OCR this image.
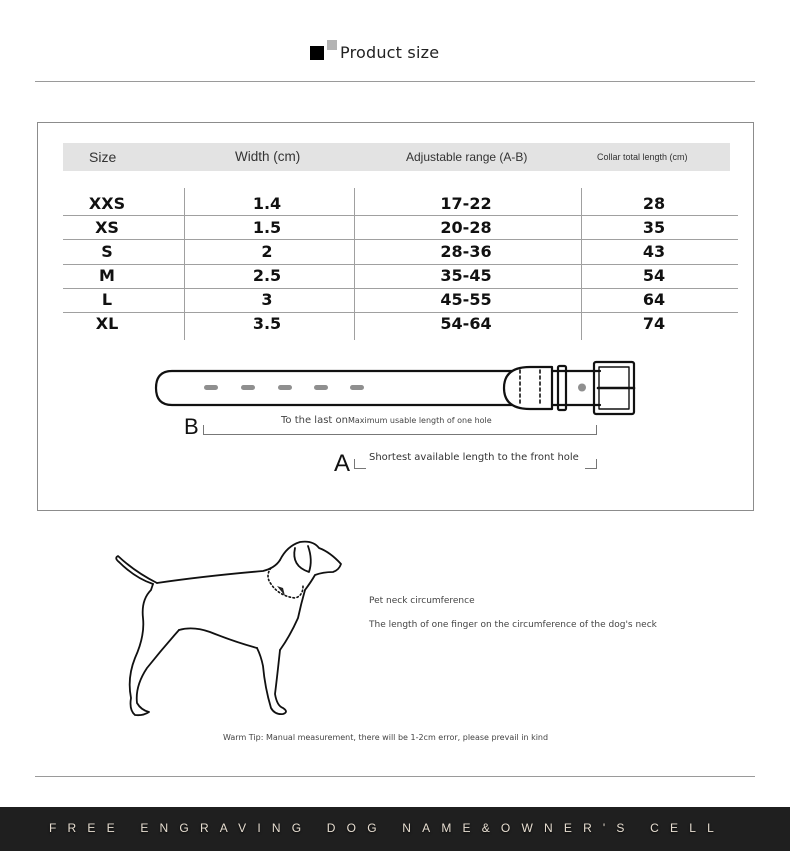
Product size
Size	Width (cm)	Adjustable range (A-B)	Collar total length (cm)
XXS	1.4	17-22	28
XS	1.5	20-28	35
S	2	28-36	43
M	2.5	35-45	54
L	3	45-55	64
XL	3.5	54-64	74
B	To the last onMaximum usable length of one hole
A Shortest available length to the front hole
Pet neck circumference
The length of one finger on the circumference of the dog's neck
Warm Tip: Manual measurement, there will be 1-2cm error, please prevail in kind
FREE ENGRAVING DOG NAME&OWNER'S CELL
